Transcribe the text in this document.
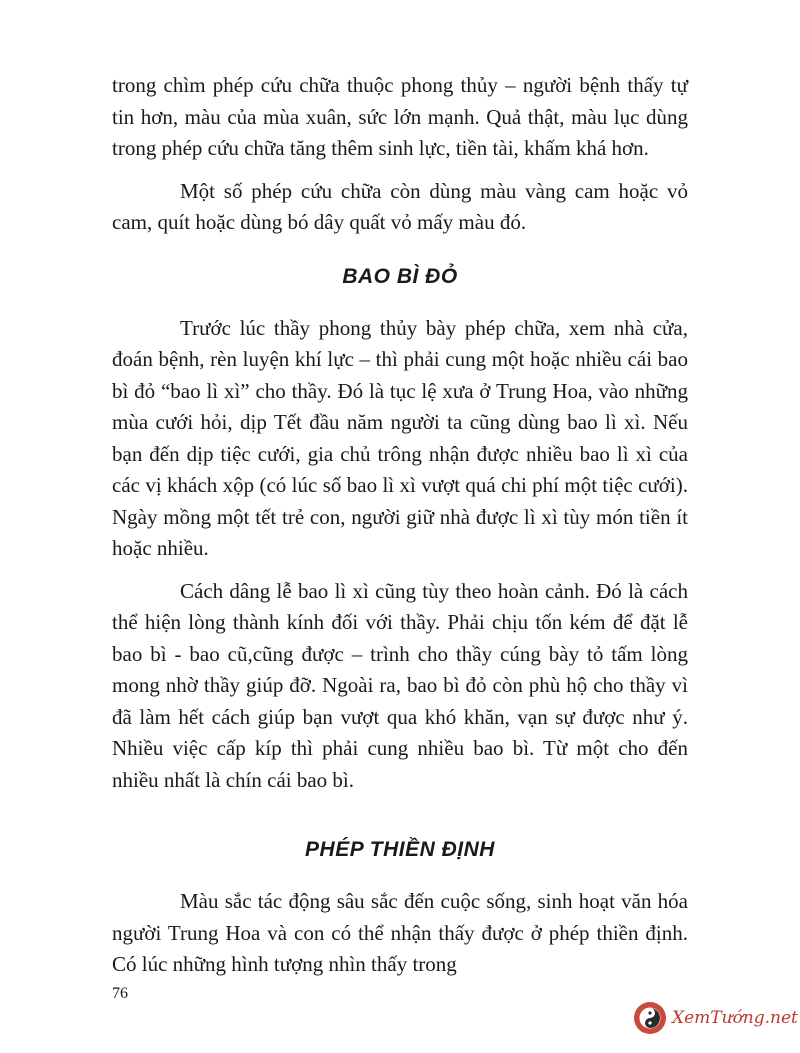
trong chìm phép cứu chữa thuộc phong thủy – người bệnh thấy tự tin hơn, màu của mùa xuân, sức lớn mạnh. Quả thật, màu lục dùng trong phép cứu chữa tăng thêm sinh lực, tiền tài, khấm khá hơn.

Một số phép cứu chữa còn dùng màu vàng cam hoặc vỏ cam, quít hoặc dùng bó dây quất vỏ mấy màu đó.

BAO BÌ ĐỎ

Trước lúc thầy phong thủy bày phép chữa, xem nhà cửa, đoán bệnh, rèn luyện khí lực – thì phải cung một hoặc nhiều cái bao bì đỏ “bao lì xì” cho thầy. Đó là tục lệ xưa ở Trung Hoa, vào những mùa cưới hỏi, dịp Tết đầu năm người ta cũng dùng bao lì xì. Nếu bạn đến dịp tiệc cưới, gia chủ trông nhận được nhiều bao lì xì của các vị khách xộp (có lúc số bao lì xì vượt quá chi phí một tiệc cưới). Ngày mồng một tết trẻ con, người giữ nhà được lì xì tùy món tiền ít hoặc nhiều.

Cách dâng lễ bao lì xì cũng tùy theo hoàn cảnh. Đó là cách thể hiện lòng thành kính đối với thầy. Phải chịu tốn kém để đặt lễ bao bì - bao cũ,cũng được – trình cho thầy cúng bày tỏ tấm lòng mong nhờ thầy giúp đỡ. Ngoài ra, bao bì đỏ còn phù hộ cho thầy vì đã làm hết cách giúp bạn vượt qua khó khăn, vạn sự được như ý. Nhiều việc cấp kíp thì phải cung nhiều bao bì. Từ một cho đến nhiều nhất là chín cái bao bì.

PHÉP THIỀN ĐỊNH

Màu sắc tác động sâu sắc đến cuộc sống, sinh hoạt văn hóa người Trung Hoa và con có thể nhận thấy được ở phép thiền định. Có lúc những hình tượng nhìn thấy trong

76
XemTướng.net
